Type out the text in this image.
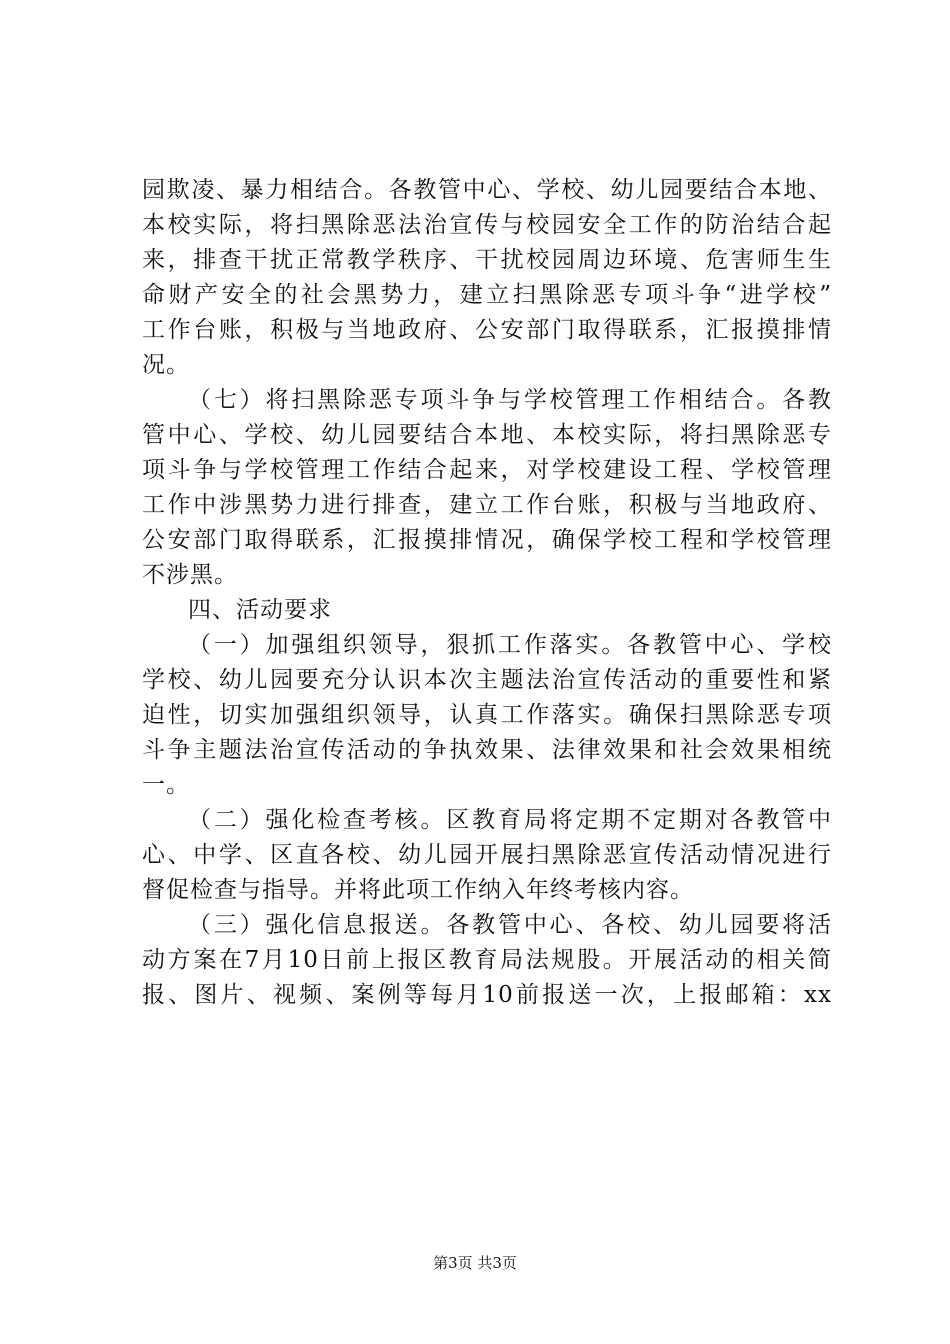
园欺凌、暴力相结合。各教管中心、学校、幼儿园要结合本地、
本校实际，将扫黑除恶法治宣传与校园安全工作的防治结合起
来，排查干扰正常教学秩序、干扰校园周边环境、危害师生生
命财产安全的社会黑势力，建立扫黑除恶专项斗争“进学校”
工作台账，积极与当地政府、公安部门取得联系，汇报摸排情
况。
（七）将扫黑除恶专项斗争与学校管理工作相结合。各教
管中心、学校、幼儿园要结合本地、本校实际，将扫黑除恶专
项斗争与学校管理工作结合起来，对学校建设工程、学校管理
工作中涉黑势力进行排查，建立工作台账，积极与当地政府、
公安部门取得联系，汇报摸排情况，确保学校工程和学校管理
不涉黑。
四、活动要求
（一）加强组织领导，狠抓工作落实。各教管中心、学校
学校、幼儿园要充分认识本次主题法治宣传活动的重要性和紧
迫性，切实加强组织领导，认真工作落实。确保扫黑除恶专项
斗争主题法治宣传活动的争执效果、法律效果和社会效果相统
一。
（二）强化检查考核。区教育局将定期不定期对各教管中
心、中学、区直各校、幼儿园开展扫黑除恶宣传活动情况进行
督促检查与指导。并将此项工作纳入年终考核内容。
（三）强化信息报送。各教管中心、各校、幼儿园要将活
动方案在7月10日前上报区教育局法规股。开展活动的相关简
报、图片、视频、案例等每月10前报送一次，上报邮箱：xx
第3页 共3页
